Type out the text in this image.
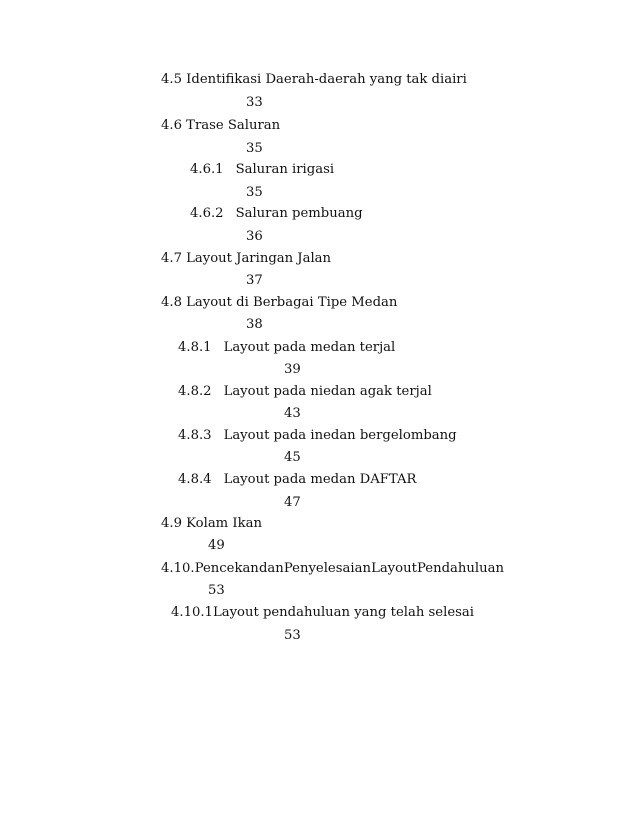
4.5 Identifikasi Daerah-daerah yang tak diairi
33
4.6 Trase Saluran
35
4.6.1 Saluran irigasi
35
4.6.2 Saluran pembuang
36
4.7 Layout Jaringan Jalan
37
4.8 Layout di Berbagai Tipe Medan
38
4.8.1 Layout pada medan terjal
39
4.8.2 Layout pada niedan agak terjal
43
4.8.3 Layout pada inedan bergelombang
45
4.8.4 Layout pada medan DAFTAR
47
4.9 Kolam Ikan
49
4.10. Pencekan dan Penyelesaian Layout Pendahuluan
53
4.10.1Layout pendahuluan yang telah selesai
53
